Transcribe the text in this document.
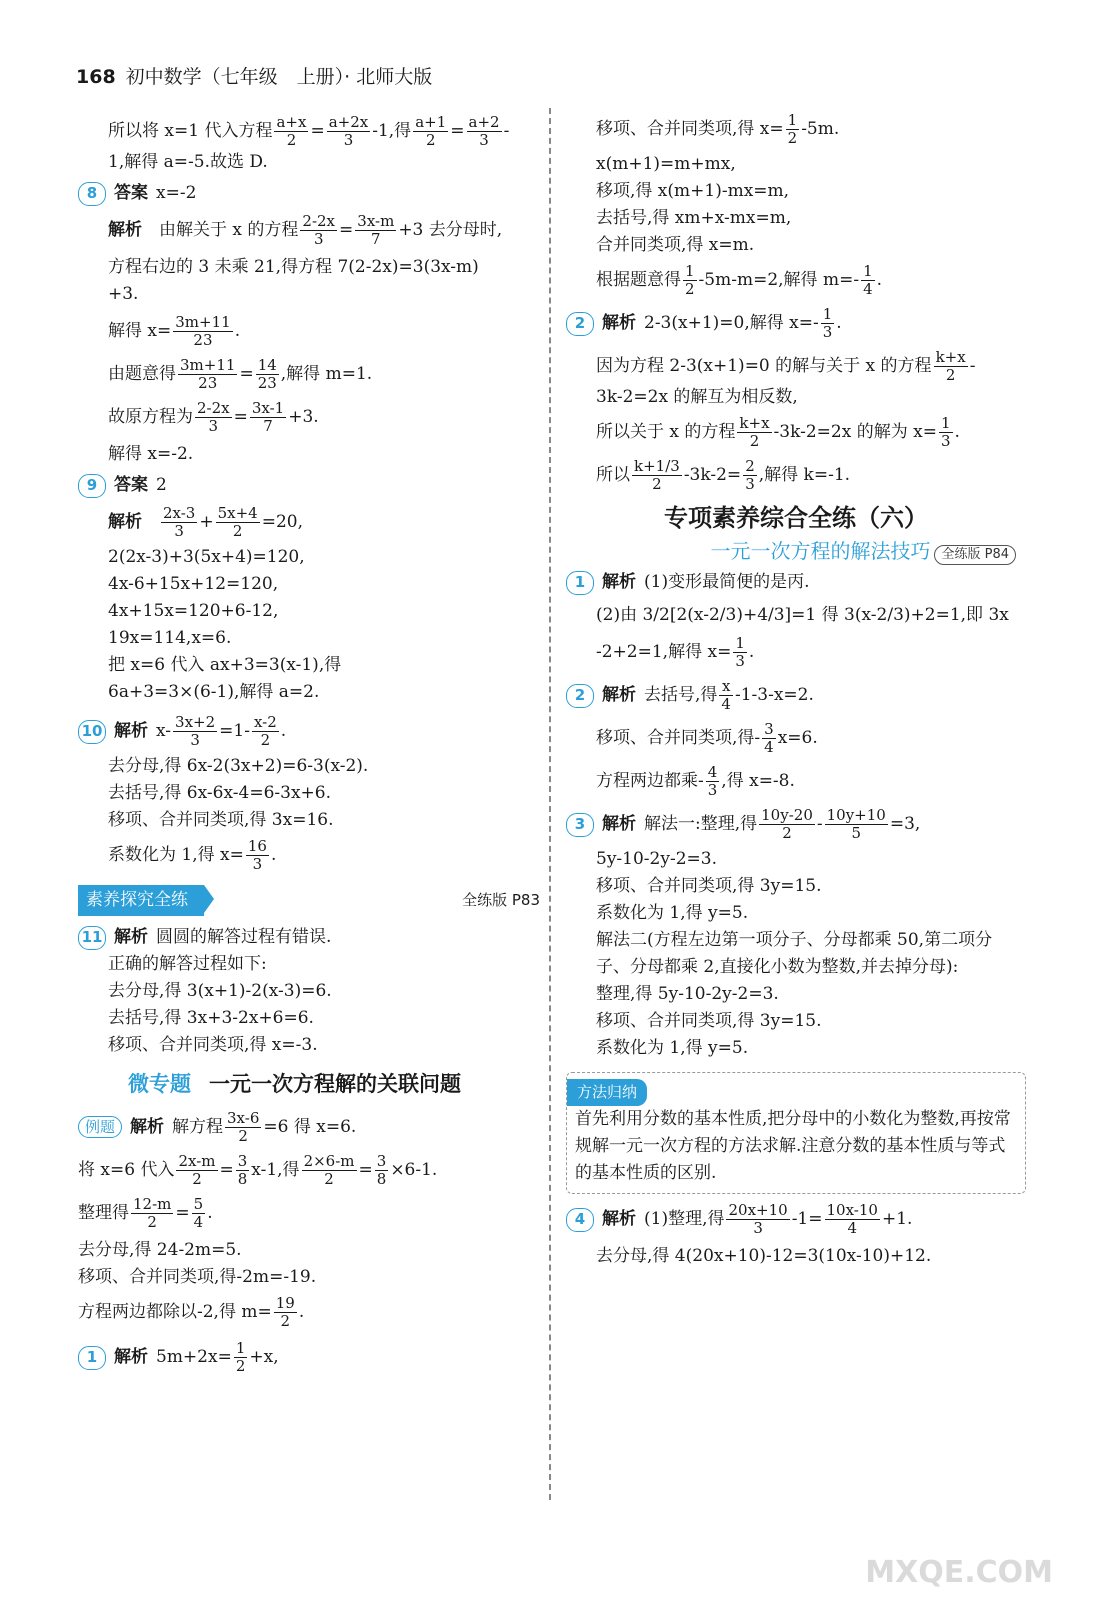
168 初中数学（七年级　上册）· 北师大版
所以将 x=1 代入方程 $\frac{a+x}{2} = \frac{a+2x}{3} -1$,得 $\frac{a+1}{2} = \frac{a+2}{3}$ -
1,解得 a=-5.故选 D.
8 答案 x=-2
解析　 由解关于 x 的方程 $\frac{2-2x}{3} = \frac{3x-m}{7} +3$ 去分母时,
方程右边的 3 未乘 21,得方程 7(2-2x)=3(3x-m)
+3.
解得 $x= \frac{3m+11}{23}$ .
由题意得 $\frac{3m+11}{23} = \frac{14}{23}$ ,解得 m=1.
故原方程为 $\frac{2-2x}{3} = \frac{3x-1}{7} +3$.
解得 x=-2.
9 答案 2
解析　 $\frac{2x-3}{3} + \frac{5x+4}{2} =20$,
2(2x-3)+3(5x+4)=120,
4x-6+15x+12=120,
4x+15x=120+6-12,
19x=114,x=6.
把 x=6 代入 ax+3=3(x-1),得
6a+3=3×(6-1),解得 a=2.
10 解析 $x- \frac{3x+2}{3} =1- \frac{x-2}{2}$ .
去分母,得 6x-2(3x+2)=6-3(x-2).
去括号,得 6x-6x-4=6-3x+6.
移项、合并同类项,得 3x=16.
系数化为 1,得 $x= \frac{16}{3}$ .
素养探究全练	全练版 P83
11 解析 圆圆的解答过程有错误.
正确的解答过程如下:
去分母,得 3(x+1)-2(x-3)=6.
去括号,得 3x+3-2x+6=6.
移项、合并同类项,得 x=-3.
微专题 一元一次方程解的关联问题
例题 解析 解方程 $\frac{3x-6}{2} =6$ 得 x=6.
将 x=6 代入 $\frac{2x-m}{2} = \frac{3}{8} x-1$,得 $\frac{2\times 6-m}{2} = \frac{3}{8} \times 6-1$.
整理得 $\frac{12-m}{2} = \frac{5}{4}$ .
去分母,得 24-2m=5.
移项、合并同类项,得-2m=-19.
方程两边都除以-2,得 $m= \frac{19}{2}$ .
1 解析 $5m+2x= \frac{1}{2} +x$,
移项、合并同类项,得 $x= \frac{1}{2} -5m$.
x(m+1)=m+mx,
移项,得 x(m+1)-mx=m,
去括号,得 xm+x-mx=m,
合并同类项,得 x=m.
根据题意得 $\frac{1}{2} -5m-m=2$,解得 $m=- \frac{1}{4}$ .
2 解析 2-3(x+1)=0,解得 $x=- \frac{1}{3}$ .
因为方程 2-3(x+1)=0 的解与关于 x 的方程 $\frac{k+x}{2}$ -
3k-2=2x 的解互为相反数,
所以关于 x 的方程 $\frac{k+x}{2} -3k-2=2x$ 的解为 $x= \frac{1}{3}$ .
所以 $\frac{k+1/3}{2} -3k-2= \frac{2}{3}$ ,解得 k=-1.
专项素养综合全练（六）
一元一次方程的解法技巧 全练版 P84
1 解析 (1)变形最简便的是丙.
(2)由 3/2[2(x-2/3)+4/3]=1 得 3(x-2/3)+2=1,即 3x
-2+2=1,解得 $x= \frac{1}{3}$ .
2 解析 去括号,得 $\frac{x}{4} -1-3-x=2$.
移项、合并同类项,得- $\frac{3}{4} x=6$.
方程两边都乘- $\frac{4}{3}$ ,得 x=-8.
3 解析 解法一:整理,得 $\frac{10y-20}{2} - \frac{10y+10}{5} =3$,
5y-10-2y-2=3.
移项、合并同类项,得 3y=15.
系数化为 1,得 y=5.
解法二(方程左边第一项分子、分母都乘 50,第二项分子、分母都乘 2,直接化小数为整数,并去掉分母):
整理,得 5y-10-2y-2=3.
移项、合并同类项,得 3y=15.
系数化为 1,得 y=5.
方法归纳
首先利用分数的基本性质,把分母中的小数化为整数,再按常规解一元一次方程的方法求解.注意分数的基本性质与等式的基本性质的区别.
4 解析 (1)整理,得 $\frac{20x+10}{3} -1= \frac{10x-10}{4} +1$.
去分母,得 4(20x+10)-12=3(10x-10)+12.
MXQE.COM
